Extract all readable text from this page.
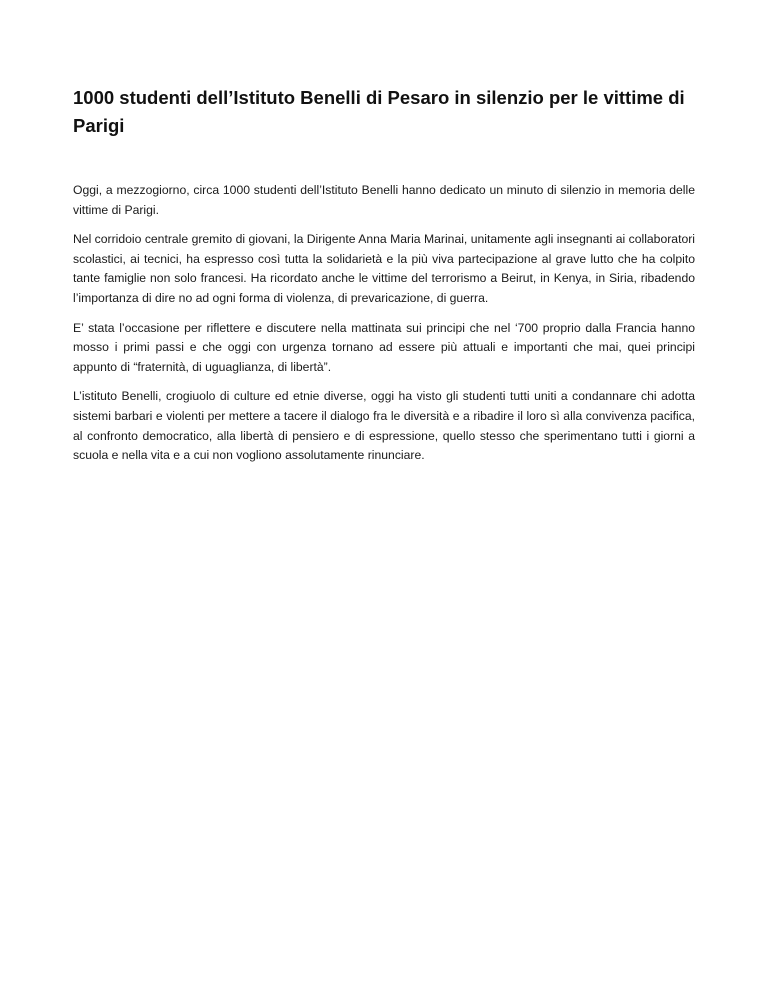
1000 studenti dell’Istituto Benelli di Pesaro in silenzio per le vittime di Parigi

Oggi, a mezzogiorno, circa 1000 studenti dell’Istituto Benelli hanno dedicato un minuto di silenzio in memoria delle vittime di Parigi.

Nel corridoio centrale gremito di giovani, la Dirigente Anna Maria Marinai, unitamente agli insegnanti ai collaboratori scolastici, ai tecnici, ha espresso così tutta la solidarietà e la più viva partecipazione al grave lutto che ha colpito tante famiglie non solo francesi. Ha ricordato anche le vittime del terrorismo a Beirut, in Kenya, in Siria, ribadendo l’importanza di dire no ad ogni forma di violenza, di prevaricazione, di guerra.

E’ stata l’occasione per riflettere e discutere nella mattinata sui principi che nel ‘700 proprio dalla Francia hanno mosso i primi passi e che oggi con urgenza tornano ad essere più attuali e importanti che mai, quei principi appunto di “fraternità, di uguaglianza, di libertà”.

L’istituto Benelli, crogiuolo di culture ed etnie diverse, oggi ha visto gli studenti tutti uniti a condannare chi adotta sistemi barbari e violenti per mettere a tacere il dialogo fra le diversità e a ribadire il loro sì alla convivenza pacifica, al confronto democratico, alla libertà di pensiero e di espressione, quello stesso che sperimentano tutti i giorni a scuola e nella vita e a cui non vogliono assolutamente rinunciare.
